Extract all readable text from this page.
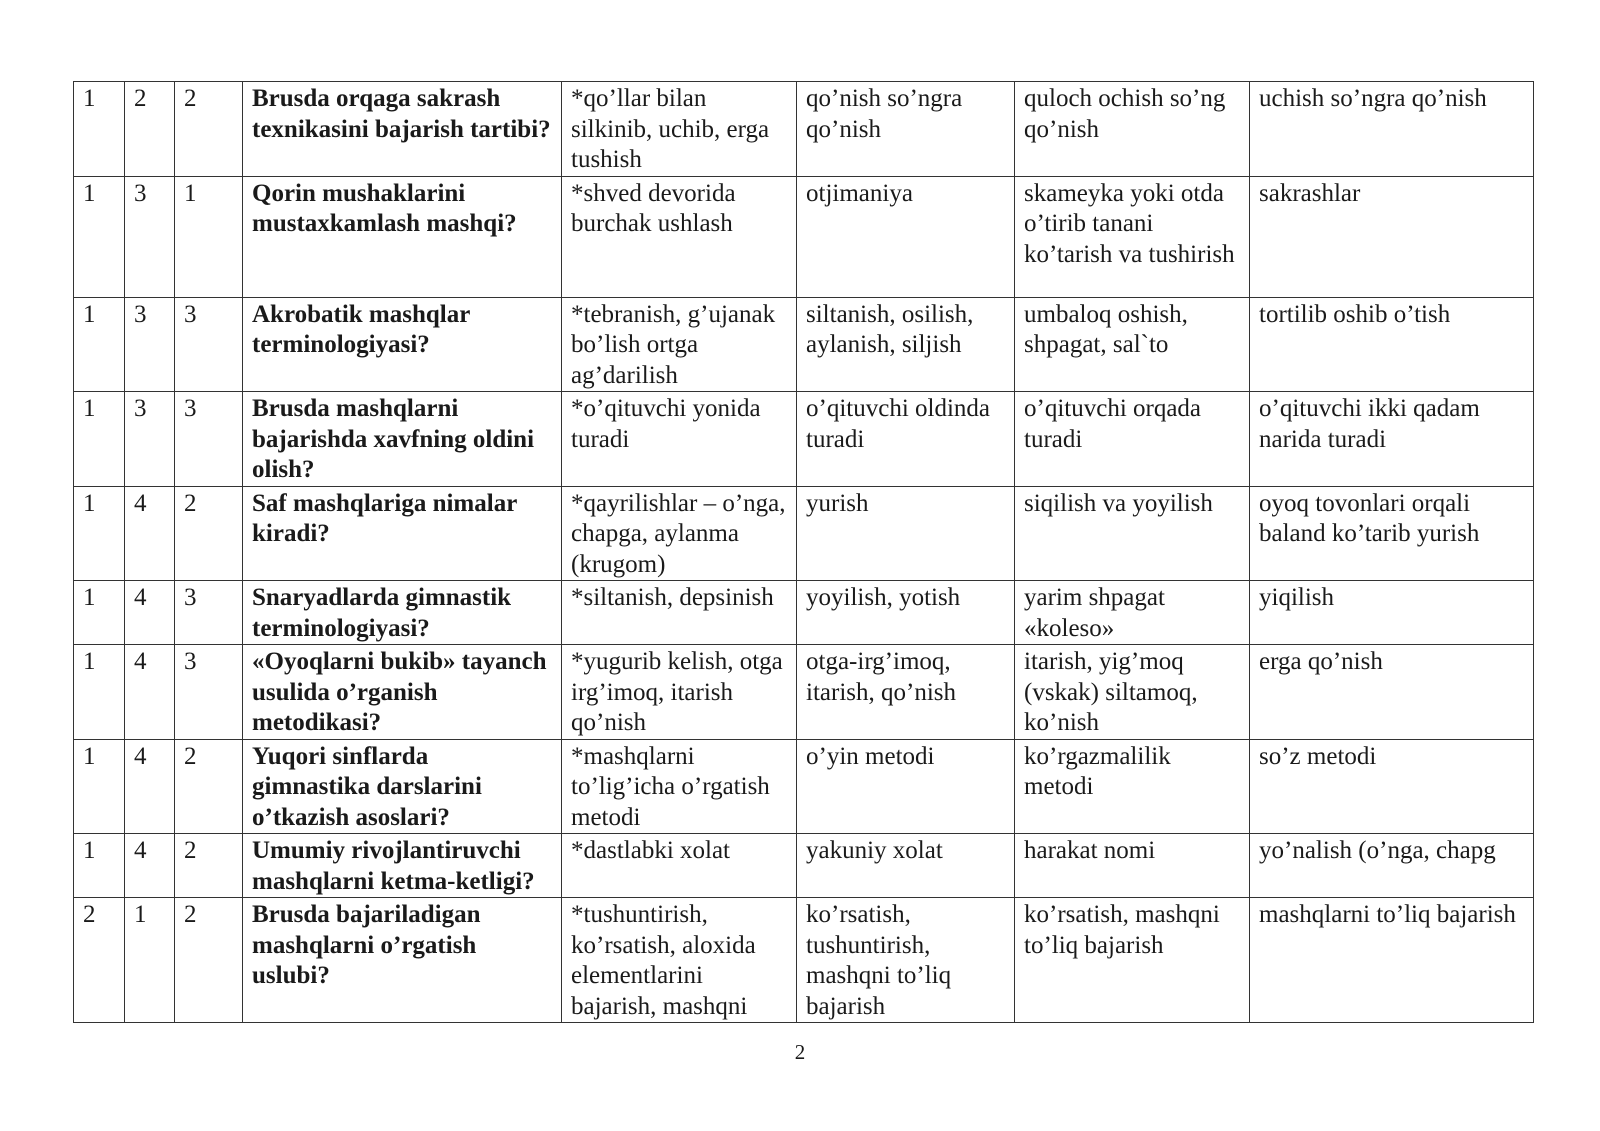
1	2	2	Brusda orqaga sakrash texnikasini bajarish tartibi?	*qo’llar bilan silkinib, uchib, erga tushish	qo’nish so’ngra qo’nish	quloch ochish so’ng qo’nish	uchish so’ngra qo’nish
1	3	1	Qorin mushaklarini mustaxkamlash mashqi?	*shved devorida burchak ushlash	otjimaniya	skameyka yoki otda o’tirib tanani ko’tarish va tushirish	sakrashlar
1	3	3	Akrobatik mashqlar terminologiyasi?	*tebranish, g’ujanak bo’lish ortga ag’darilish	siltanish, osilish, aylanish, siljish	umbaloq oshish, shpagat, sal`to	tortilib oshib o’tish
1	3	3	Brusda mashqlarni bajarishda xavfning oldini olish?	*o’qituvchi yonida turadi	o’qituvchi oldinda turadi	o’qituvchi orqada turadi	o’qituvchi ikki qadam narida turadi
1	4	2	Saf mashqlariga nimalar kiradi?	*qayrilishlar – o’nga, chapga, aylanma (krugom)	yurish	siqilish va yoyilish	oyoq tovonlari orqali baland ko’tarib yurish
1	4	3	Snaryadlarda gimnastik terminologiyasi?	*siltanish, depsinish	yoyilish, yotish	yarim shpagat «koleso»	yiqilish
1	4	3	«Oyoqlarni bukib» tayanch usulida o’rganish metodikasi?	*yugurib kelish, otga irg’imoq, itarish qo’nish	otga-irg’imoq, itarish, qo’nish	itarish, yig’moq (vskak) siltamoq, ko’nish	erga qo’nish
1	4	2	Yuqori sinflarda gimnastika darslarini o’tkazish asoslari?	*mashqlarni to’lig’icha o’rgatish metodi	o’yin metodi	ko’rgazmalilik metodi	so’z metodi
1	4	2	Umumiy rivojlantiruvchi mashqlarni ketma-ketligi?	*dastlabki xolat	yakuniy xolat	harakat nomi	yo’nalish (o’nga, chapg
2	1	2	Brusda bajariladigan mashqlarni o’rgatish uslubi?	*tushuntirish, ko’rsatish, aloxida elementlarini bajarish, mashqni	ko’rsatish, tushuntirish, mashqni to’liq bajarish	ko’rsatish, mashqni to’liq bajarish	mashqlarni to’liq bajarish
2
